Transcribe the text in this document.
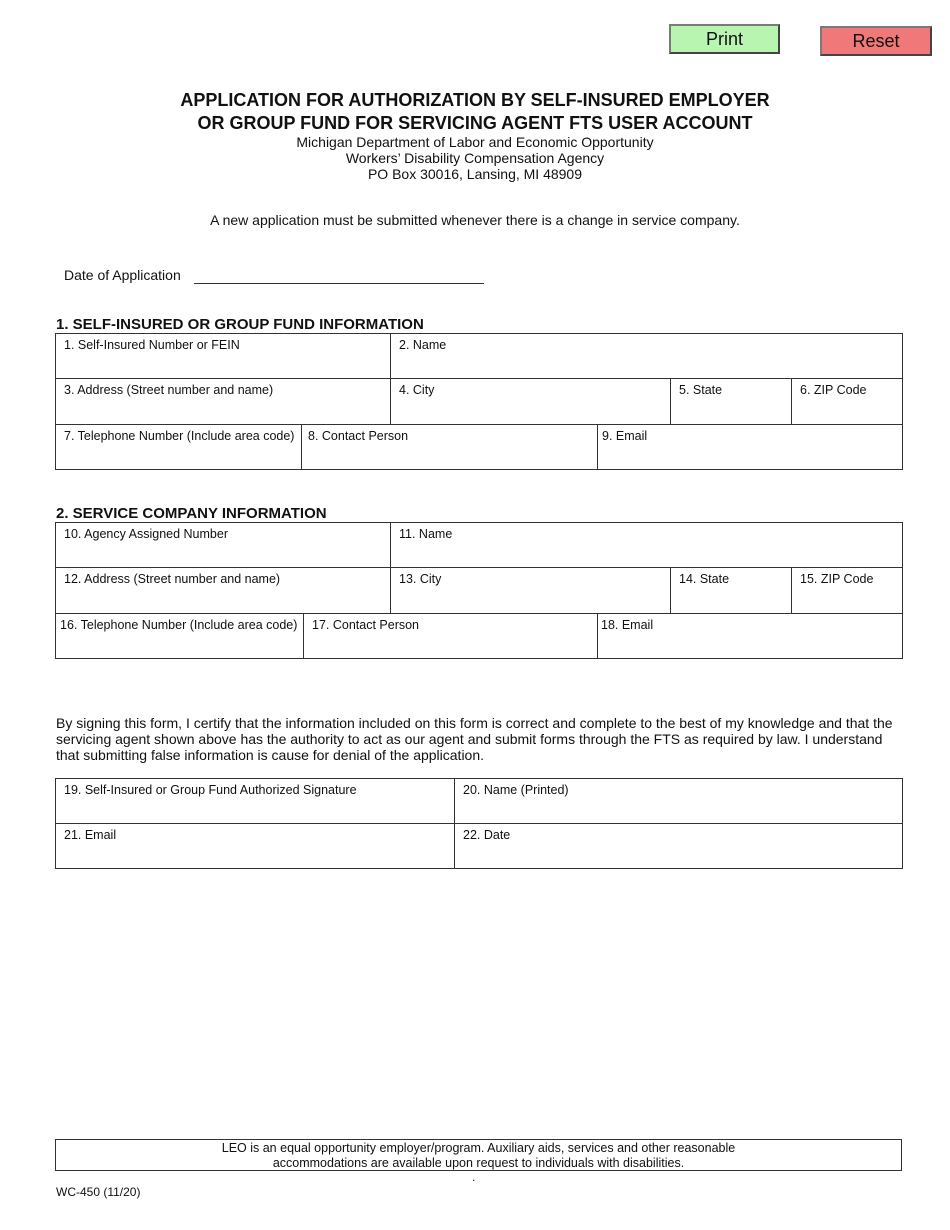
Print	Reset
APPLICATION FOR AUTHORIZATION BY SELF-INSURED EMPLOYER
OR GROUP FUND FOR SERVICING AGENT FTS USER ACCOUNT
Michigan Department of Labor and Economic Opportunity
Workers’ Disability Compensation Agency
PO Box 30016, Lansing, MI 48909
A new application must be submitted whenever there is a change in service company.
Date of Application
1. SELF-INSURED OR GROUP FUND INFORMATION
1. Self-Insured Number or FEIN	2. Name
3. Address (Street number and name)	4. City	5. State	6. ZIP Code
7. Telephone Number (Include area code)	8. Contact Person	9. Email
2. SERVICE COMPANY INFORMATION
10. Agency Assigned Number	11. Name
12. Address (Street number and name)	13. City	14. State	15. ZIP Code
16. Telephone Number (Include area code)	17. Contact Person	18. Email
By signing this form, I certify that the information included on this form is correct and complete to the best of my knowledge and that the servicing agent shown above has the authority to act as our agent and submit forms through the FTS as required by law. I understand that submitting false information is cause for denial of the application.
19. Self-Insured or Group Fund Authorized Signature	20. Name (Printed)
21. Email	22. Date
LEO is an equal opportunity employer/program. Auxiliary aids, services and other reasonable
accommodations are available upon request to individuals with disabilities.
.
WC-450 (11/20)
